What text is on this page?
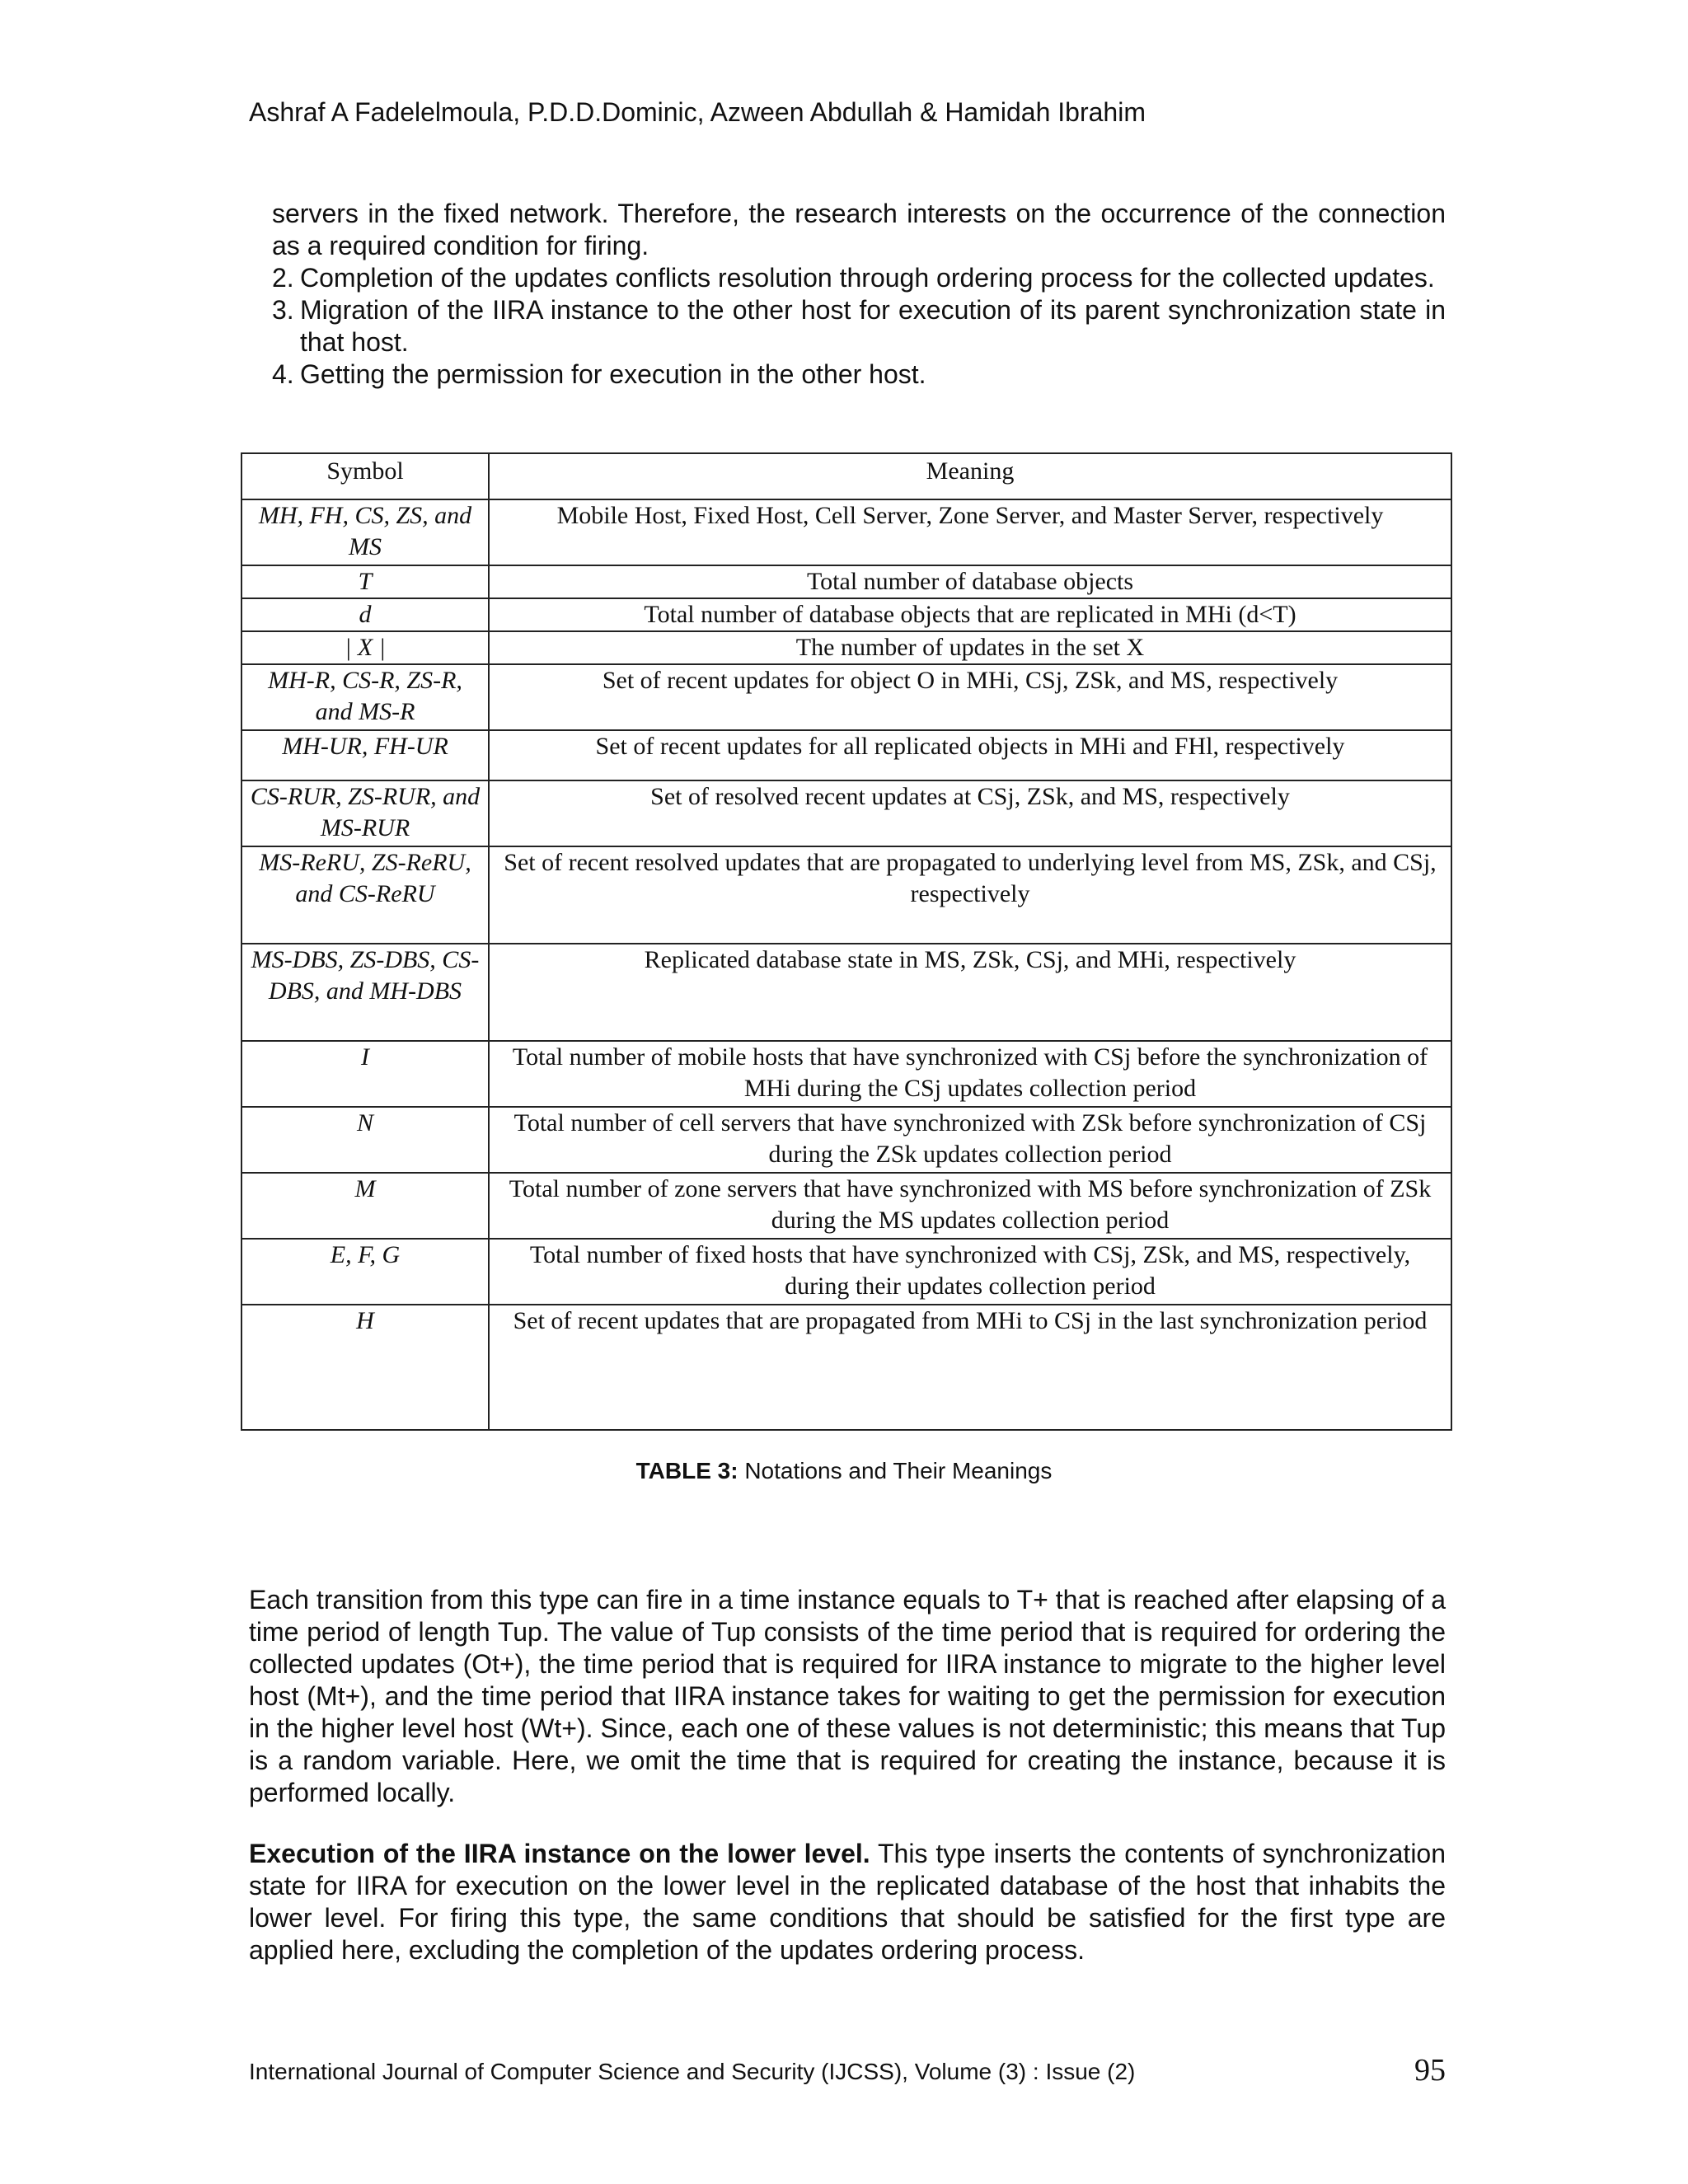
Ashraf A Fadelelmoula, P.D.D.Dominic, Azween Abdullah & Hamidah Ibrahim

servers in the fixed network. Therefore, the research interests on the occurrence of the connection as a required condition for firing.

2. Completion of the updates conflicts resolution through ordering process for the collected updates.
3. Migration of the IIRA instance to the other host for execution of its parent synchronization state in that host.
4. Getting the permission for execution in the other host.
Symbol	Meaning
MH, FH, CS, ZS, and MS	Mobile Host, Fixed Host, Cell Server, Zone Server, and Master Server, respectively
T	Total number of database objects
d	Total number of database objects that are replicated in MHi (d<T)
| X |	The number of updates in the set X
MH-R, CS-R, ZS-R, and MS-R	Set of recent updates for object O in MHi, CSj, ZSk, and MS, respectively
MH-UR, FH-UR	Set of recent updates for all replicated objects in MHi and FHl, respectively
CS-RUR, ZS-RUR, and MS-RUR	Set of resolved recent updates at CSj, ZSk, and MS, respectively
MS-ReRU, ZS-ReRU, and CS-ReRU	Set of recent resolved updates that are propagated to underlying level from MS, ZSk, and CSj, respectively
MS-DBS, ZS-DBS, CS-DBS, and MH-DBS	Replicated database state in MS, ZSk, CSj, and MHi, respectively
I	Total number of mobile hosts that have synchronized with CSj before the synchronization of MHi during the CSj updates collection period
N	Total number of cell servers that have synchronized with ZSk before synchronization of CSj during the ZSk updates collection period
M	Total number of zone servers that have synchronized with MS before synchronization of ZSk during the MS updates collection period
E, F, G	Total number of fixed hosts that have synchronized with CSj, ZSk, and MS, respectively, during their updates collection period
H	Set of recent updates that are propagated from MHi to CSj in the last synchronization period
TABLE 3: Notations and Their Meanings

Each transition from this type can fire in a time instance equals to T+ that is reached after elapsing of a time period of length Tup. The value of Tup consists of the time period that is required for ordering the collected updates (Ot+), the time period that is required for IIRA instance to migrate to the higher level host (Mt+), and the time period that IIRA instance takes for waiting to get the permission for execution in the higher level host (Wt+). Since, each one of these values is not deterministic; this means that Tup is a random variable. Here, we omit the time that is required for creating the instance, because it is performed locally.

Execution of the IIRA instance on the lower level. This type inserts the contents of synchronization state for IIRA for execution on the lower level in the replicated database of the host that inhabits the lower level. For firing this type, the same conditions that should be satisfied for the first type are applied here, excluding the completion of the updates ordering process.

International Journal of Computer Science and Security (IJCSS), Volume (3) : Issue (2)	95
